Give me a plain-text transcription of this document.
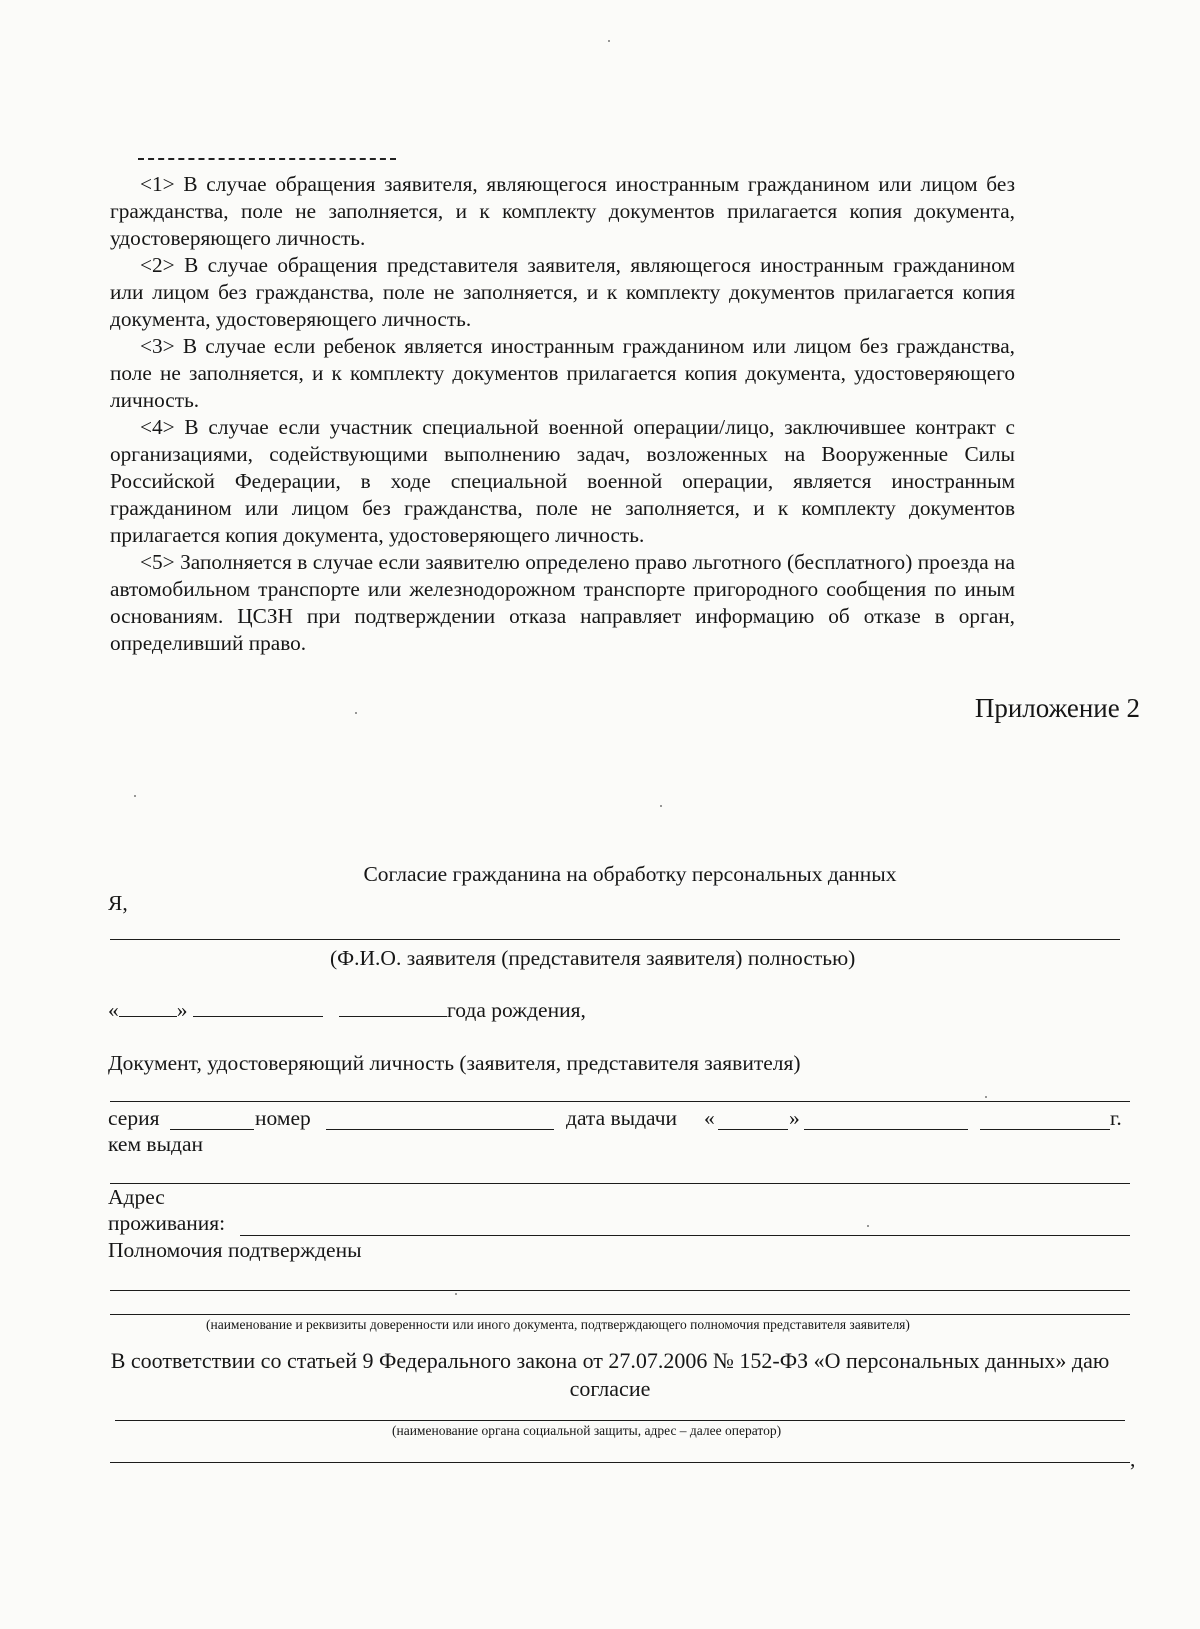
<1> В случае обращения заявителя, являющегося иностранным гражданином или лицом без гражданства, поле не заполняется, и к комплекту документов прилагается копия документа, удостоверяющего личность.

<2> В случае обращения представителя заявителя, являющегося иностранным гражданином или лицом без гражданства, поле не заполняется, и к комплекту документов прилагается копия документа, удостоверяющего личность.

<3> В случае если ребенок является иностранным гражданином или лицом без гражданства, поле не заполняется, и к комплекту документов прилагается копия документа, удостоверяющего личность.

<4> В случае если участник специальной военной операции/лицо, заключившее контракт с организациями, содействующими выполнению задач, возложенных на Вооруженные Силы Российской Федерации, в ходе специальной военной операции, является иностранным гражданином или лицом без гражданства, поле не заполняется, и к комплекту документов прилагается копия документа, удостоверяющего личность.

<5> Заполняется в случае если заявителю определено право льготного (бесплатного) проезда на автомобильном транспорте или железнодорожном транспорте пригородного сообщения по иным основаниям. ЦСЗН при подтверждении отказа направляет информацию об отказе в орган, определивший право.

Приложение 2
Согласие гражданина на обработку персональных данных
Я,
(Ф.И.О. заявителя (представителя заявителя) полностью)
«	»	года рождения,
Документ, удостоверяющий личность (заявителя, представителя заявителя)
серия	номер	дата выдачи «	»	г.
кем выдан
Адрес
проживания:
Полномочия подтверждены
(наименование и реквизиты доверенности или иного документа, подтверждающего полномочия представителя заявителя)
В соответствии со статьей 9 Федерального закона от 27.07.2006 № 152-ФЗ «О персональных данных» даю согласие
(наименование органа социальной защиты, адрес – далее оператор)
,
